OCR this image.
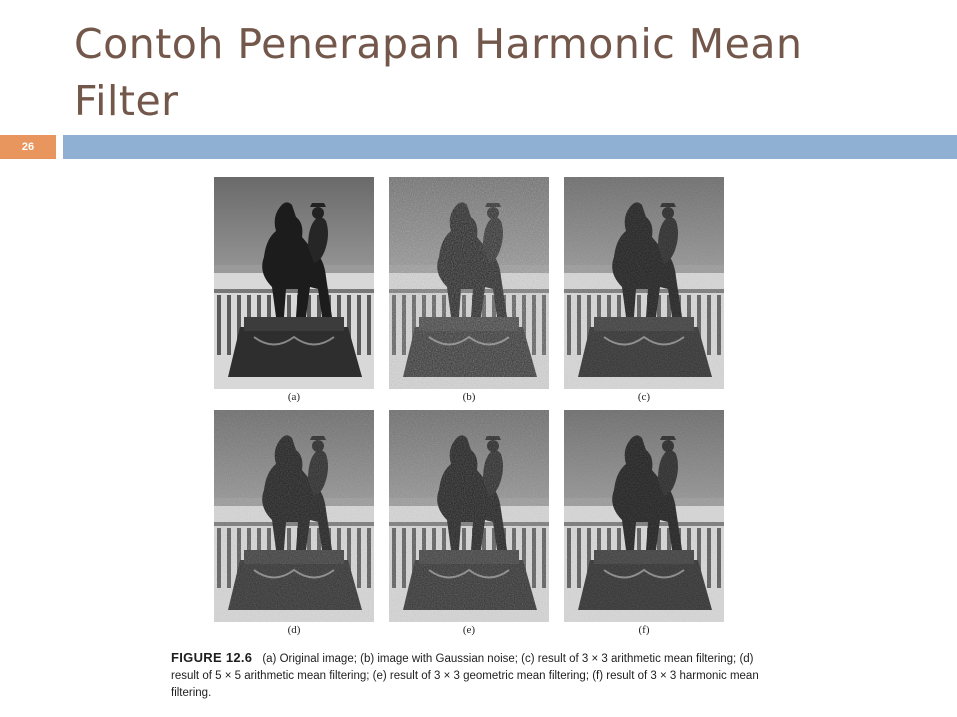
Contoh Penerapan Harmonic Mean Filter
26
(a)	(b)	(c)
(d)	(e)	(f)
FIGURE 12.6 (a) Original image; (b) image with Gaussian noise; (c) result of 3 × 3 arithmetic mean filtering; (d) result of 5 × 5 arithmetic mean filtering; (e) result of 3 × 3 geometric mean filtering; (f) result of 3 × 3 harmonic mean filtering.
